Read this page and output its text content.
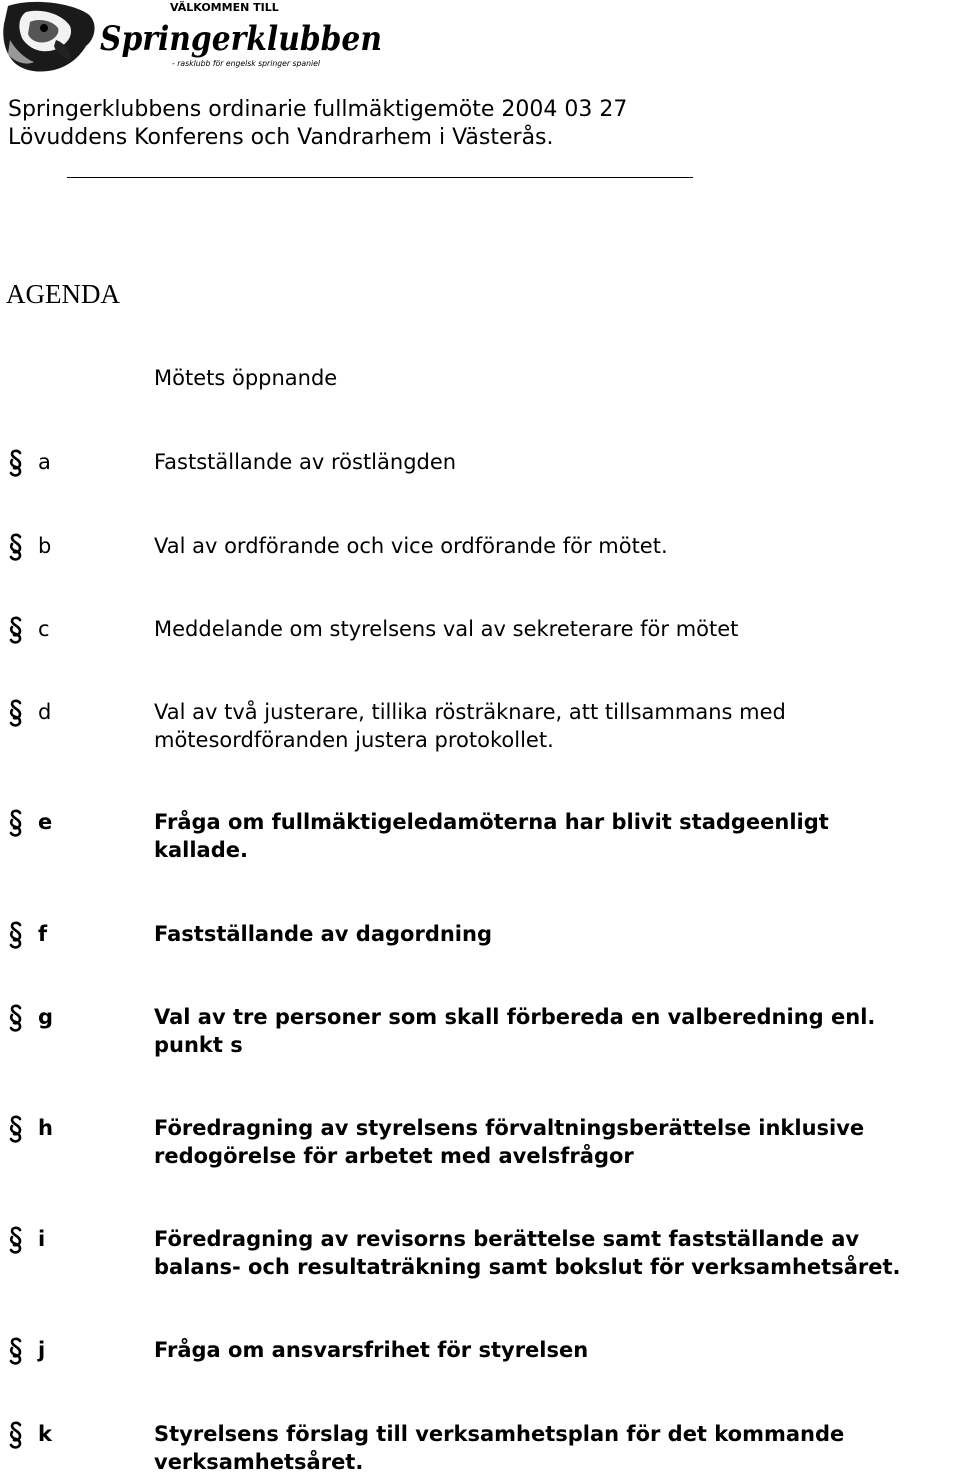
VÄLKOMMEN TILL
Springerklubben
- rasklubb för engelsk springer spaniel
Springerklubbens ordinarie fullmäktigemöte 2004 03 27
Lövuddens Konferens och Vandrarhem i Västerås.
AGENDA
Mötets öppnande
a	Fastställande av röstlängden
b	Val av ordförande och vice ordförande för mötet.
c	Meddelande om styrelsens val av sekreterare för mötet
d	Val av två justerare, tillika rösträknare, att tillsammans med
mötesordföranden justera protokollet.
e	Fråga om fullmäktigeledamöterna har blivit stadgeenligt
kallade.
f	Fastställande av dagordning
g	Val av tre personer som skall förbereda en valberedning enl.
punkt s
h	Föredragning av styrelsens förvaltningsberättelse inklusive
redogörelse för arbetet med avelsfrågor
i	Föredragning av revisorns berättelse samt fastställande av
balans- och resultaträkning samt bokslut för verksamhetsåret.
j	Fråga om ansvarsfrihet för styrelsen
k	Styrelsens förslag till verksamhetsplan för det kommande
verksamhetsåret.
